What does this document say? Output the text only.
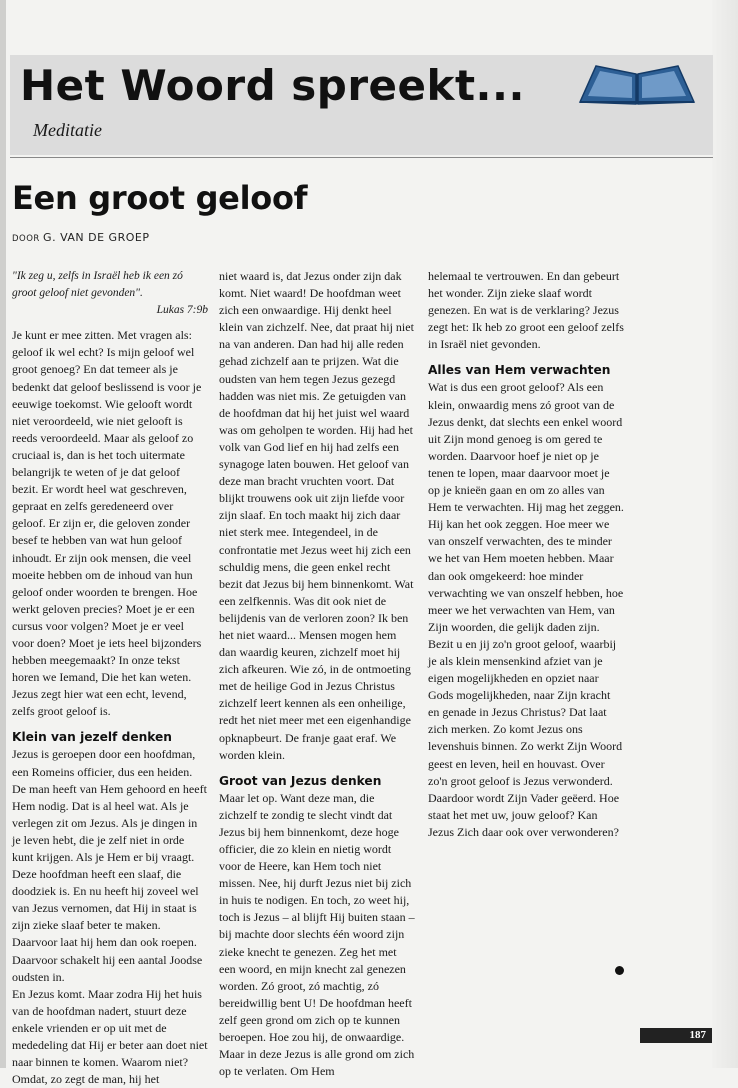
Het Woord spreekt...
Meditatie
Een groot geloof
DOOR G. VAN DE GROEP

"Ik zeg u, zelfs in Israël heb ik een zó groot geloof niet gevonden".

Lukas 7:9b

Je kunt er mee zitten. Met vragen als: geloof ik wel echt? Is mijn geloof wel groot genoeg? En dat temeer als je bedenkt dat geloof beslissend is voor je eeuwige toekomst. Wie gelooft wordt niet veroordeeld, wie niet gelooft is reeds veroordeeld. Maar als geloof zo cruciaal is, dan is het toch uitermate belangrijk te weten of je dat geloof bezit. Er wordt heel wat geschreven, gepraat en zelfs geredeneerd over geloof. Er zijn er, die geloven zonder besef te hebben van wat hun geloof inhoudt. Er zijn ook mensen, die veel moeite hebben om de inhoud van hun geloof onder woorden te brengen. Hoe werkt geloven precies? Moet je er een cursus voor volgen? Moet je er veel voor doen? Moet je iets heel bijzonders hebben meegemaakt? In onze tekst horen we Iemand, Die het kan weten. Jezus zegt hier wat een echt, levend, zelfs groot geloof is.

Klein van jezelf denken

Jezus is geroepen door een hoofdman, een Romeins officier, dus een heiden. De man heeft van Hem gehoord en heeft Hem nodig. Dat is al heel wat. Als je verlegen zit om Jezus. Als je dingen in je leven hebt, die je zelf niet in orde kunt krijgen. Als je Hem er bij vraagt. Deze hoofdman heeft een slaaf, die doodziek is. En nu heeft hij zoveel wel van Jezus vernomen, dat Hij in staat is zijn zieke slaaf beter te maken. Daarvoor laat hij hem dan ook roepen. Daarvoor schakelt hij een aantal Joodse oudsten in.

En Jezus komt. Maar zodra Hij het huis van de hoofdman nadert, stuurt deze enkele vrienden er op uit met de mededeling dat Hij er beter aan doet niet naar binnen te komen. Waarom niet? Omdat, zo zegt de man, hij het

niet waard is, dat Jezus onder zijn dak komt. Niet waard! De hoofdman weet zich een onwaardige. Hij denkt heel klein van zichzelf. Nee, dat praat hij niet na van anderen. Dan had hij alle reden gehad zichzelf aan te prijzen. Wat die oudsten van hem tegen Jezus gezegd hadden was niet mis. Ze getuigden van de hoofdman dat hij het juist wel waard was om geholpen te worden. Hij had het volk van God lief en hij had zelfs een synagoge laten bouwen. Het geloof van deze man bracht vruchten voort. Dat blijkt trouwens ook uit zijn liefde voor zijn slaaf. En toch maakt hij zich daar niet sterk mee. Integendeel, in de confrontatie met Jezus weet hij zich een schuldig mens, die geen enkel recht bezit dat Jezus bij hem binnenkomt. Wat een zelfkennis. Was dit ook niet de belijdenis van de verloren zoon? Ik ben het niet waard... Mensen mogen hem dan waardig keuren, zichzelf moet hij zich afkeuren. Wie zó, in de ontmoeting met de heilige God in Jezus Christus zichzelf leert kennen als een onheilige, redt het niet meer met een eigenhandige opknapbeurt. De franje gaat eraf. We worden klein.

Groot van Jezus denken

Maar let op. Want deze man, die zichzelf te zondig te slecht vindt dat Jezus bij hem binnenkomt, deze hoge officier, die zo klein en nietig wordt voor de Heere, kan Hem toch niet missen. Nee, hij durft Jezus niet bij zich in huis te nodigen. En toch, zo weet hij, toch is Jezus – al blijft Hij buiten staan – bij machte door slechts één woord zijn zieke knecht te genezen. Zeg het met een woord, en mijn knecht zal genezen worden. Zó groot, zó machtig, zó bereidwillig bent U! De hoofdman heeft zelf geen grond om zich op te kunnen beroepen. Hoe zou hij, de onwaardige. Maar in deze Jezus is alle grond om zich op te verlaten. Om Hem

helemaal te vertrouwen. En dan gebeurt het wonder. Zijn zieke slaaf wordt genezen. En wat is de verklaring? Jezus zegt het: Ik heb zo groot een geloof zelfs in Israël niet gevonden.

Alles van Hem verwachten

Wat is dus een groot geloof? Als een klein, onwaardig mens zó groot van de Jezus denkt, dat slechts een enkel woord uit Zijn mond genoeg is om gered te worden. Daarvoor hoef je niet op je tenen te lopen, maar daarvoor moet je op je knieën gaan en om zo alles van Hem te verwachten. Hij mag het zeggen. Hij kan het ook zeggen. Hoe meer we van onszelf verwachten, des te minder we het van Hem moeten hebben. Maar dan ook omgekeerd: hoe minder verwachting we van onszelf hebben, hoe meer we het verwachten van Hem, van Zijn woorden, die gelijk daden zijn. Bezit u en jij zo'n groot geloof, waarbij je als klein mensenkind afziet van je eigen mogelijkheden en opziet naar Gods mogelijkheden, naar Zijn kracht en genade in Jezus Christus? Dat laat zich merken. Zo komt Jezus ons levenshuis binnen. Zo werkt Zijn Woord geest en leven, heil en houvast. Over zo'n groot geloof is Jezus verwonderd. Daardoor wordt Zijn Vader geëerd. Hoe staat het met uw, jouw geloof? Kan Jezus Zich daar ook over verwonderen?

187
